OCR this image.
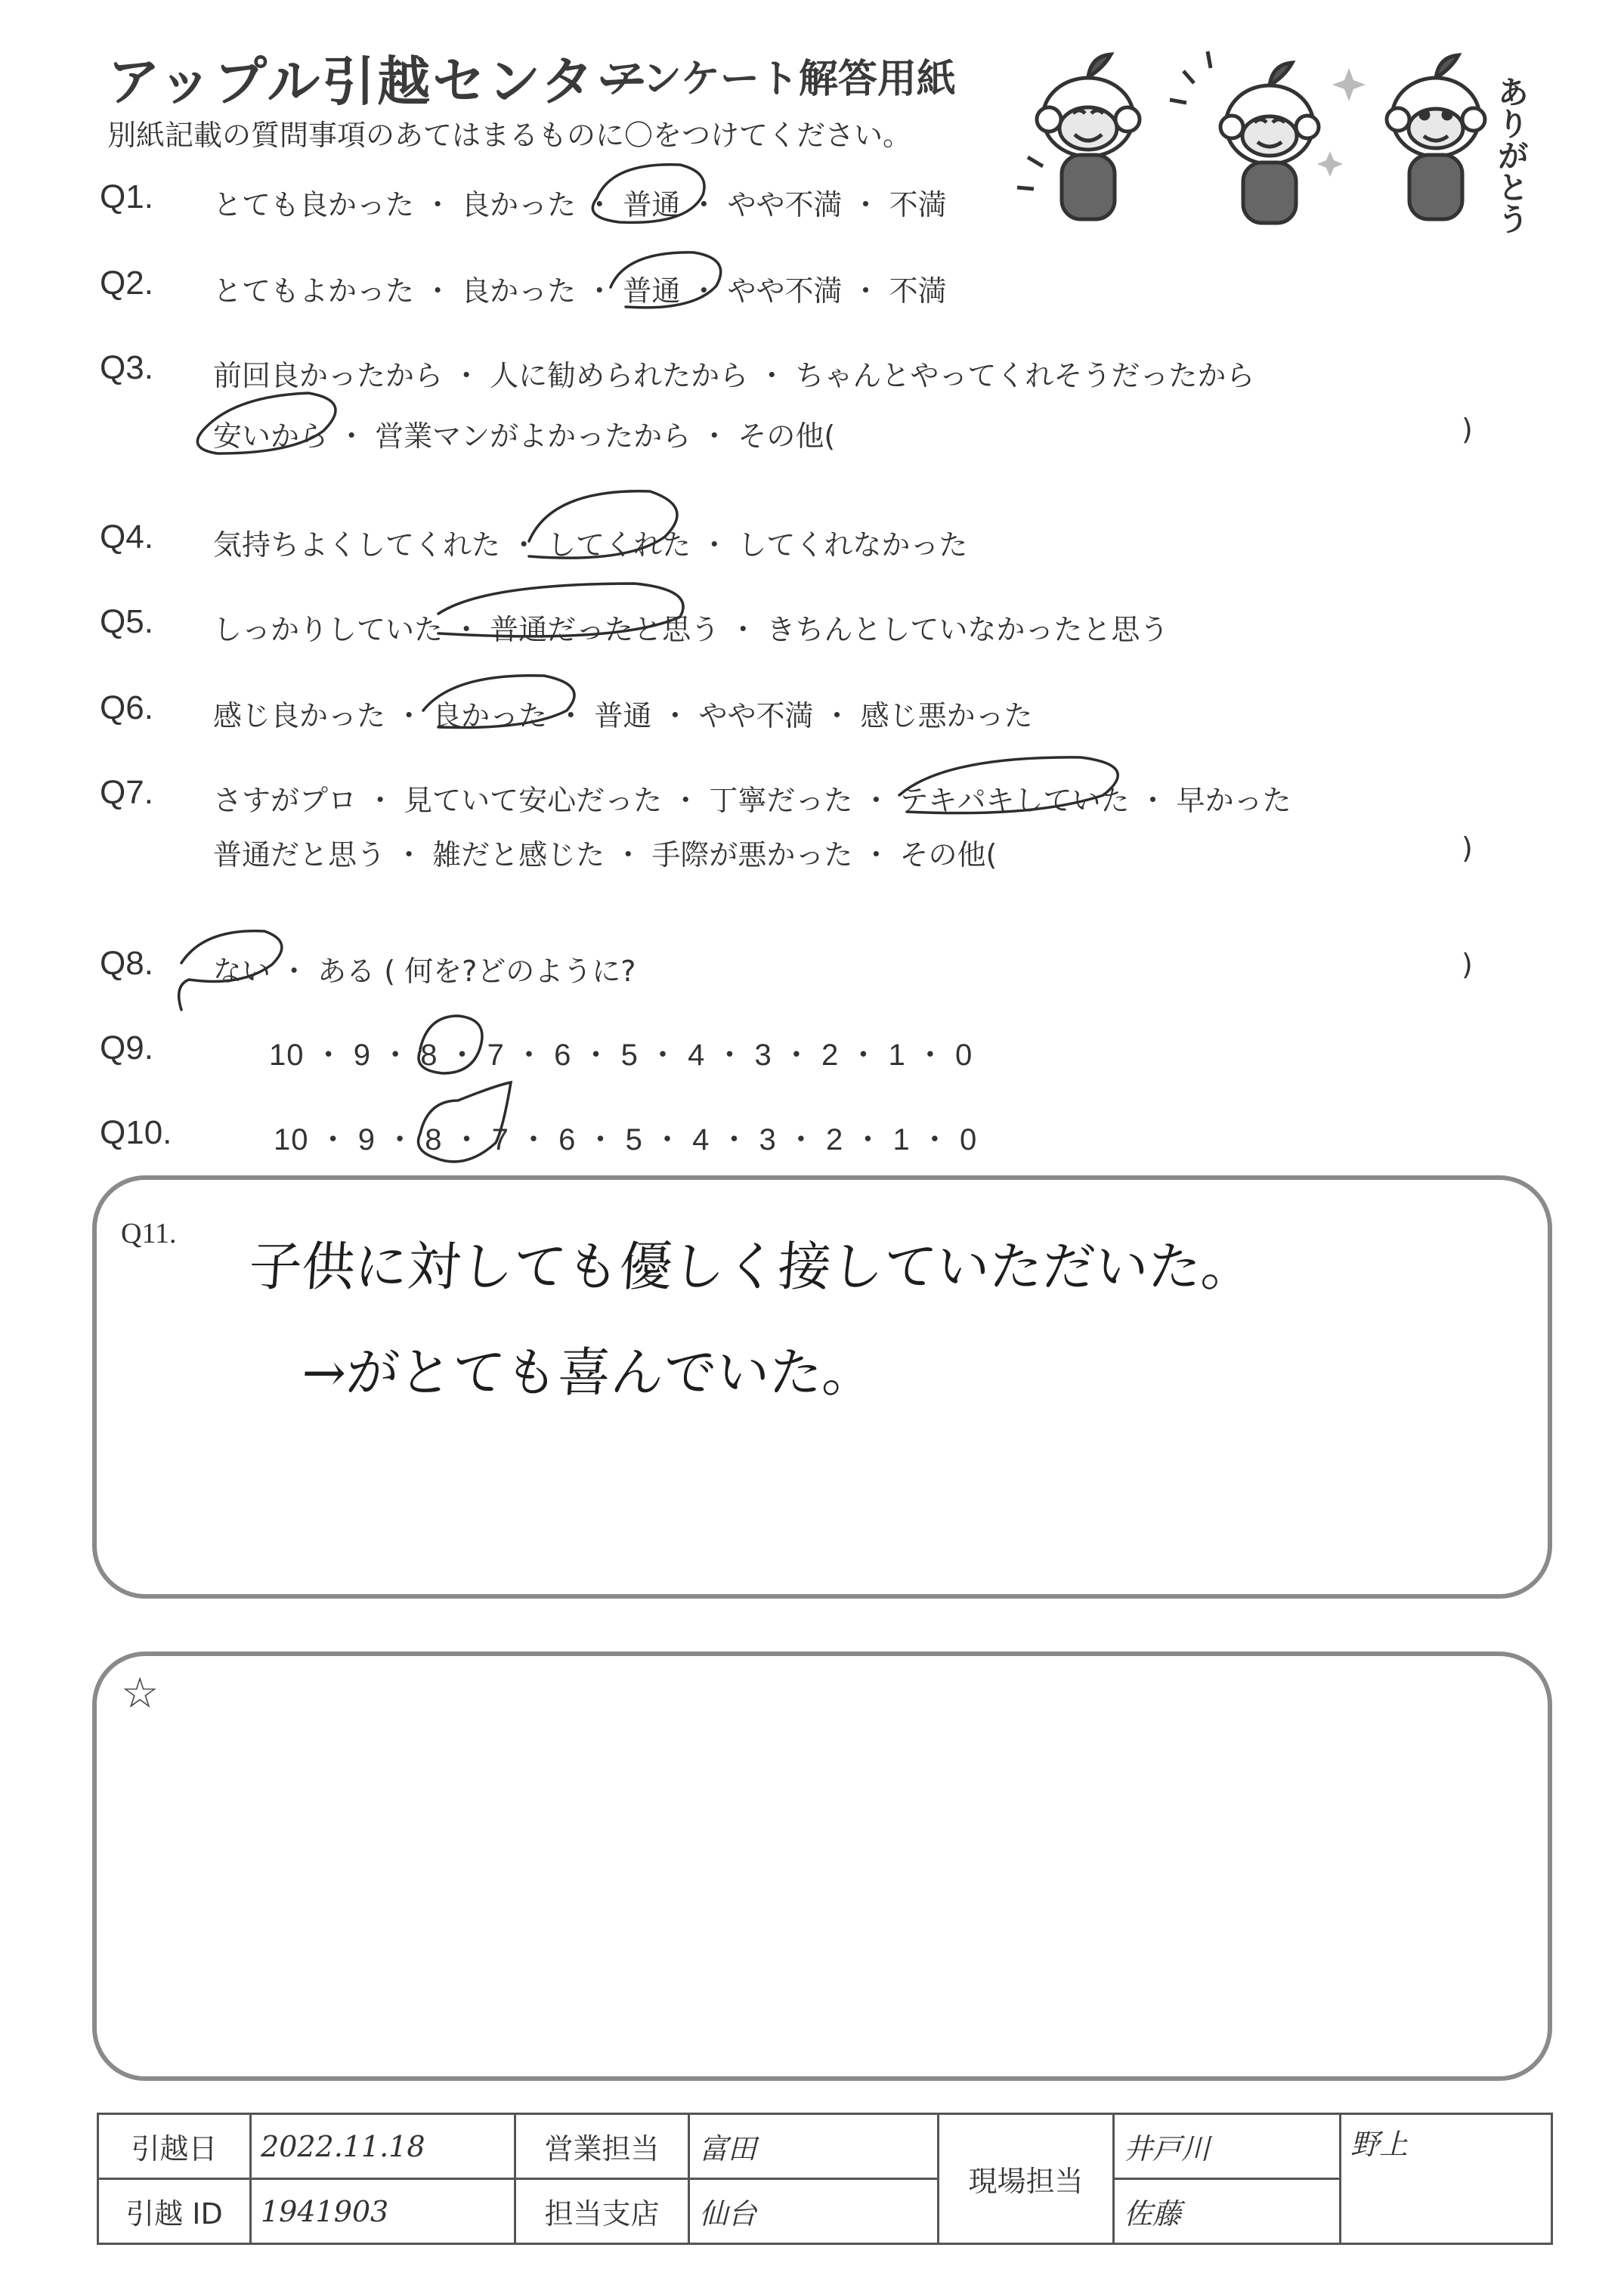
アップル引越センター
アンケート解答用紙
別紙記載の質問事項のあてはまるものに〇をつけてください。	ありがとう
Q1. とても良かった ・ 良かった ・ 普通 ・ やや不満 ・ 不満
Q2. とてもよかった ・ 良かった ・ 普通 ・ やや不満 ・ 不満
Q3. 前回良かったから ・ 人に勧められたから ・ ちゃんとやってくれそうだったから
安いから ・ 営業マンがよかったから ・ その他(	)
Q4. 気持ちよくしてくれた ・ してくれた ・ してくれなかった
Q5. しっかりしていた ・ 普通だったと思う ・ きちんとしていなかったと思う
Q6. 感じ良かった ・ 良かった ・ 普通 ・ やや不満 ・ 感じ悪かった
Q7. さすがプロ ・ 見ていて安心だった ・ 丁寧だった ・ テキパキしていた ・ 早かった
普通だと思う ・ 雑だと感じた ・ 手際が悪かった ・ その他(	)
Q8. ない ・ ある ( 何を?どのように?	)
Q9.	10 ・ 9 ・ 8 ・ 7 ・ 6 ・ 5 ・ 4 ・ 3 ・ 2 ・ 1 ・ 0
Q10.	10 ・ 9 ・ 8 ・ 7 ・ 6 ・ 5 ・ 4 ・ 3 ・ 2 ・ 1 ・ 0
Q11.
子供に対しても優しく接していただいた。
→がとても喜んでいた。
☆
引越日	2022.11.18	営業担当	富田	現場担当	井戸川	野上
引越 ID	1941903	担当支店	仙台		佐藤	
